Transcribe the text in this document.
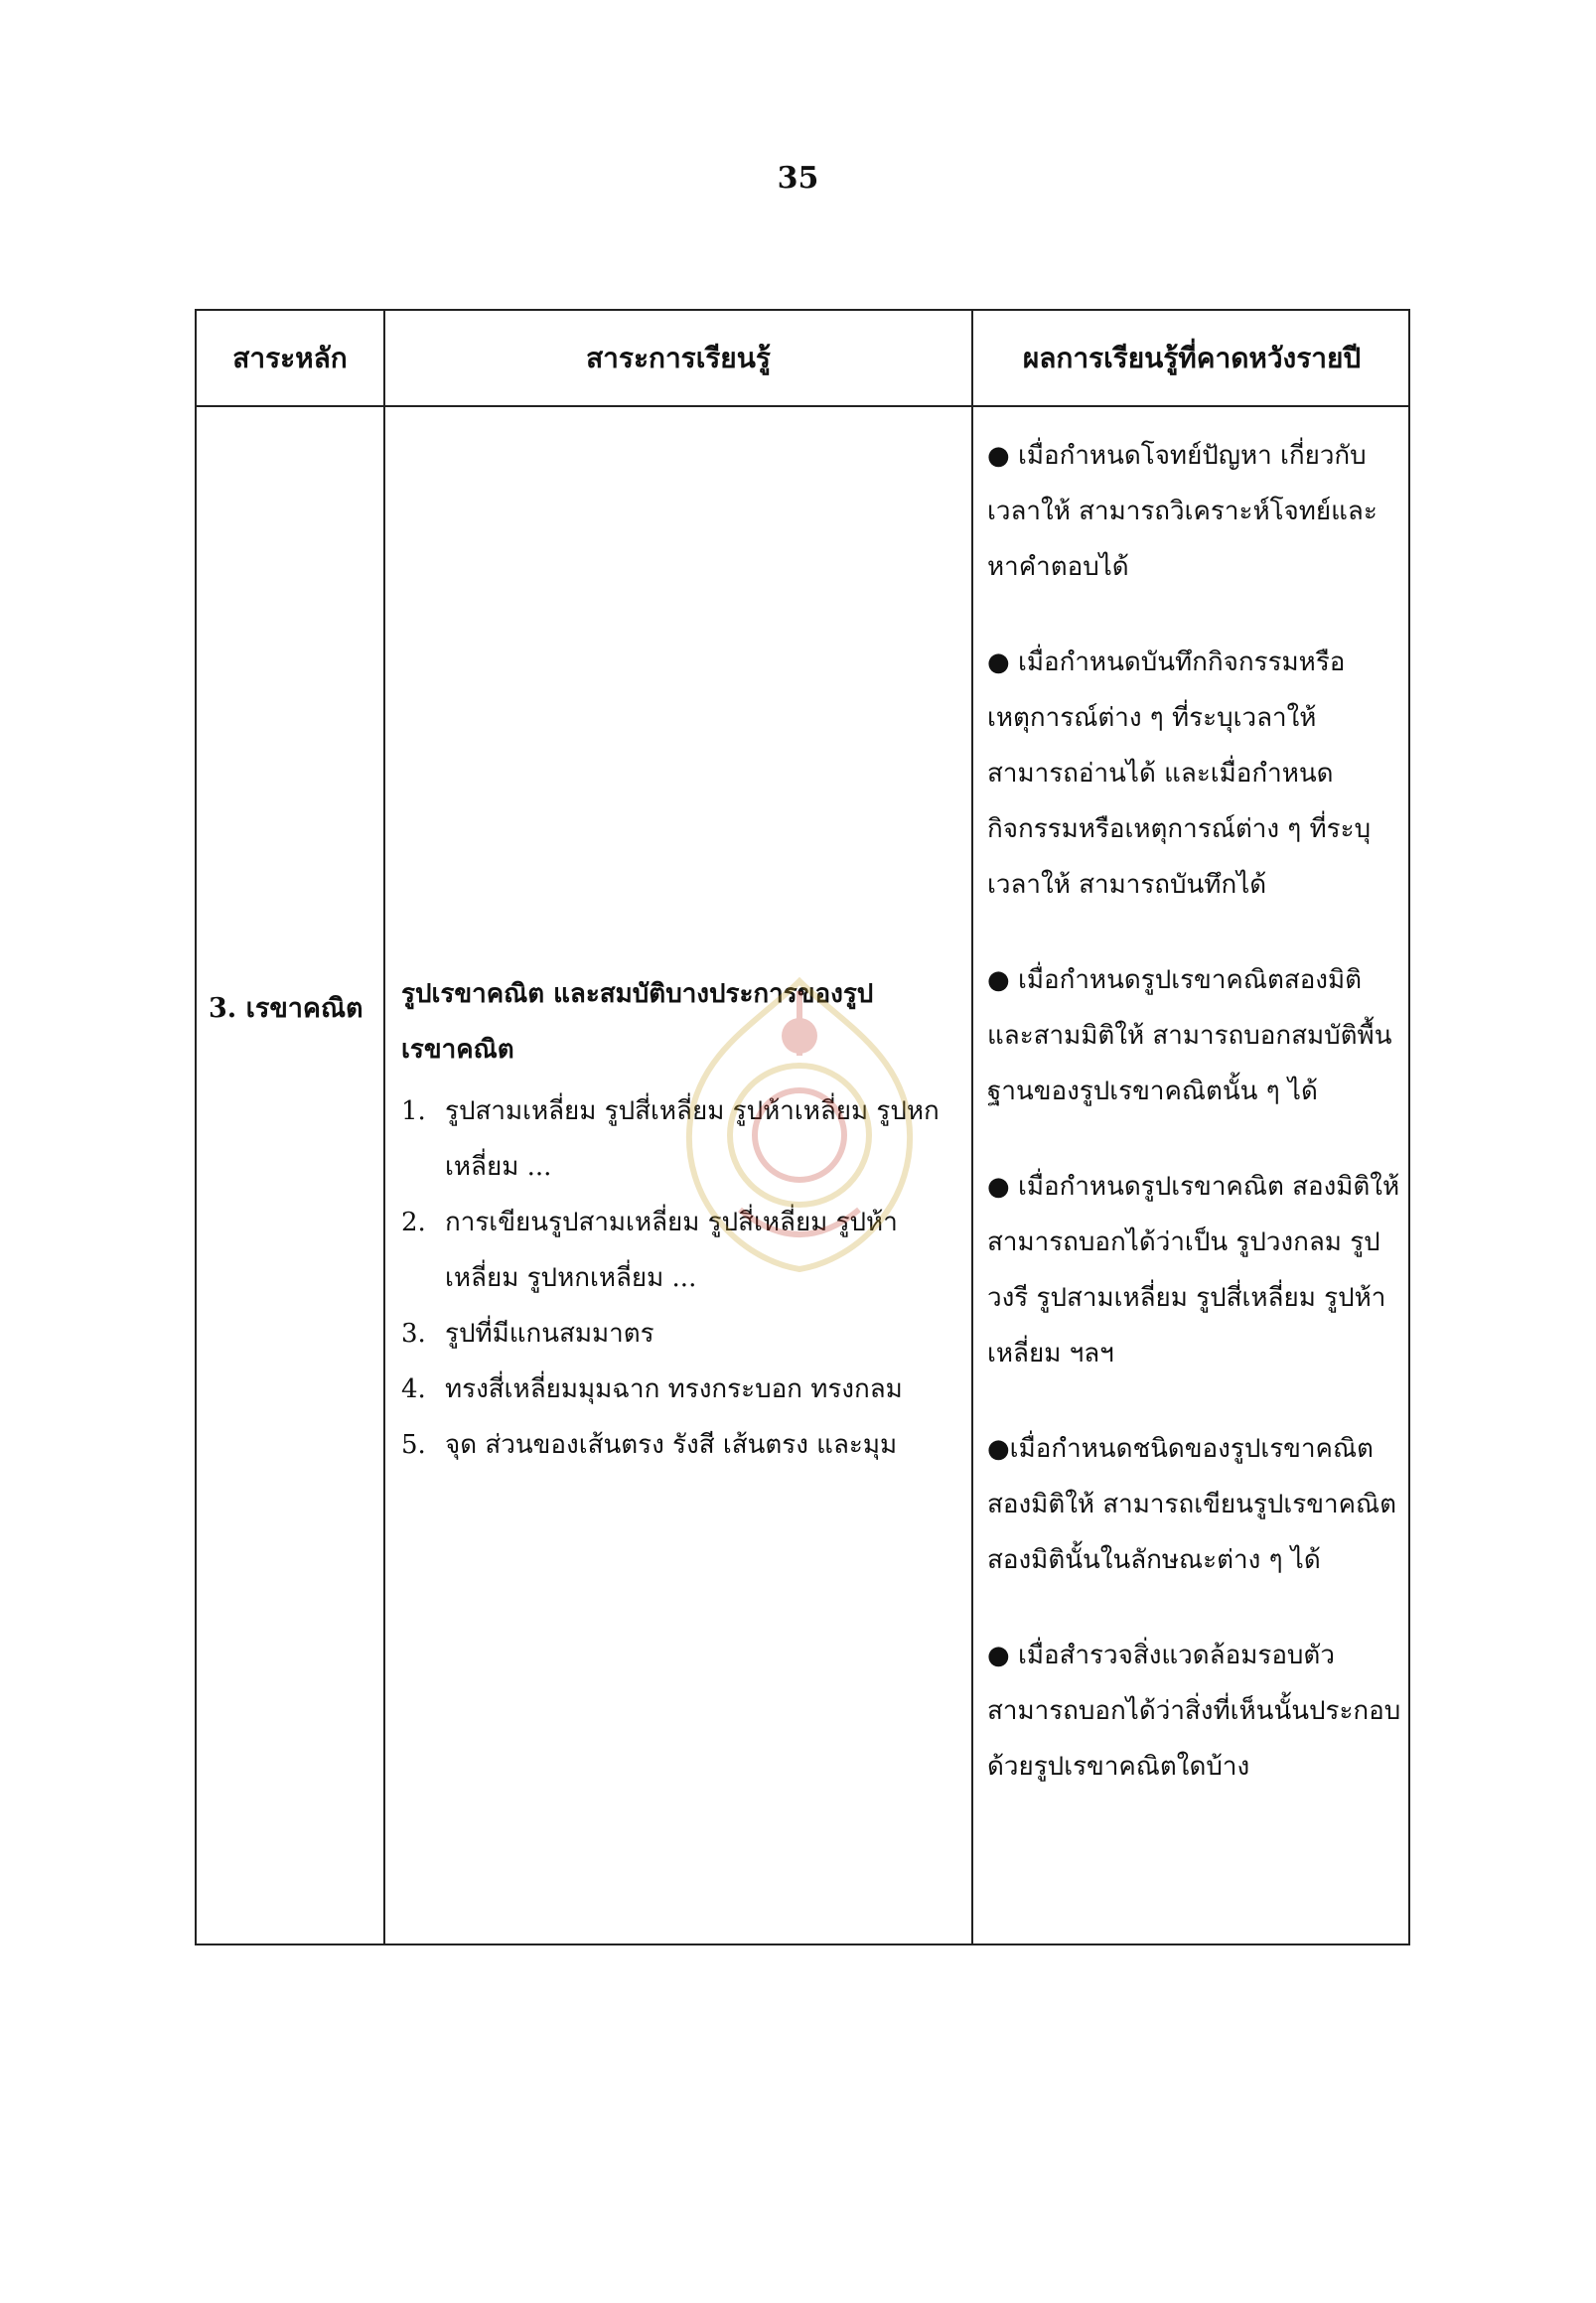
35
สาระหลัก	สาระการเรียนรู้	ผลการเรียนรู้ที่คาดหวังรายปี
3. เรขาคณิต รูปเรขาคณิต และสมบัติบางประการของรูปเรขาคณิต
1. รูปสามเหลี่ยม รูปสี่เหลี่ยม รูปห้าเหลี่ยม รูปหกเหลี่ยม ...
2. การเขียนรูปสามเหลี่ยม รูปสี่เหลี่ยม รูปห้าเหลี่ยม รูปหกเหลี่ยม ...
3. รูปที่มีแกนสมมาตร
4. ทรงสี่เหลี่ยมมุมฉาก ทรงกระบอก ทรงกลม
5. จุด ส่วนของเส้นตรง รังสี เส้นตรง และมุม

● เมื่อกำหนดโจทย์ปัญหา เกี่ยวกับเวลาให้ สามารถวิเคราะห์โจทย์และหาคำตอบได้

● เมื่อกำหนดบันทึกกิจกรรมหรือเหตุการณ์ต่าง ๆ ที่ระบุเวลาให้ สามารถอ่านได้ และเมื่อกำหนดกิจกรรมหรือเหตุการณ์ต่าง ๆ ที่ระบุเวลาให้ สามารถบันทึกได้

● เมื่อกำหนดรูปเรขาคณิตสองมิติและสามมิติให้ สามารถบอกสมบัติพื้นฐานของรูปเรขาคณิตนั้น ๆ ได้

● เมื่อกำหนดรูปเรขาคณิต สองมิติให้ สามารถบอกได้ว่าเป็น รูปวงกลม รูปวงรี รูปสามเหลี่ยม รูปสี่เหลี่ยม รูปห้าเหลี่ยม ฯลฯ

●เมื่อกำหนดชนิดของรูปเรขาคณิตสองมิติให้ สามารถเขียนรูปเรขาคณิตสองมิตินั้นในลักษณะต่าง ๆ ได้

● เมื่อสำรวจสิ่งแวดล้อมรอบตัว สามารถบอกได้ว่าสิ่งที่เห็นนั้นประกอบด้วยรูปเรขาคณิตใดบ้าง
